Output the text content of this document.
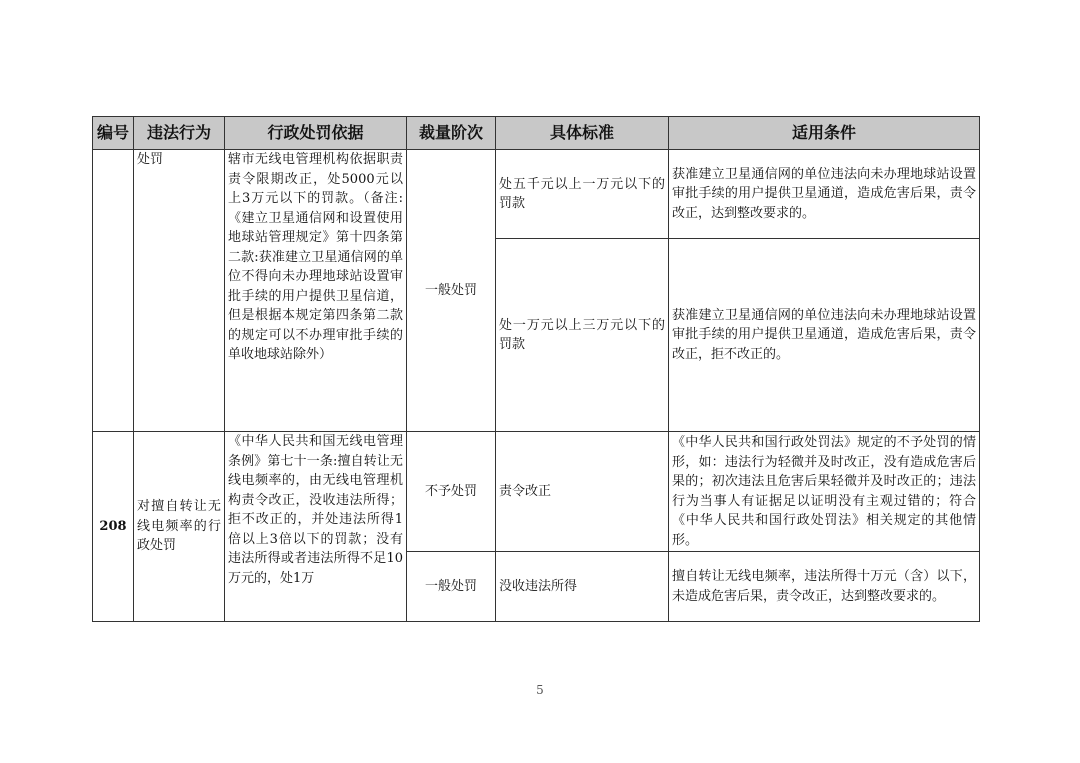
编号	违法行为	行政处罚依据	裁量阶次	具体标准	适用条件
	处罚	辖市无线电管理机构依据职责责令限期改正，处5000元以上3万元以下的罚款。（备注:《建立卫星通信网和设置使用地球站管理规定》第十四条第二款:获准建立卫星通信网的单位不得向未办理地球站设置审批手续的用户提供卫星信道，但是根据本规定第四条第二款的规定可以不办理审批手续的单收地球站除外）	一般处罚	处五千元以上一万元以下的罚款	获准建立卫星通信网的单位违法向未办理地球站设置审批手续的用户提供卫星通道，造成危害后果，责令改正，达到整改要求的。
				处一万元以上三万元以下的罚款	获准建立卫星通信网的单位违法向未办理地球站设置审批手续的用户提供卫星通道，造成危害后果，责令改正，拒不改正的。
208	对擅自转让无线电频率的行政处罚	《中华人民共和国无线电管理条例》第七十一条:擅自转让无线电频率的，由无线电管理机构责令改正，没收违法所得；拒不改正的，并处违法所得1倍以上3倍以下的罚款；没有违法所得或者违法所得不足10万元的，处1万	不予处罚	责令改正	《中华人民共和国行政处罚法》规定的不予处罚的情形，如：违法行为轻微并及时改正，没有造成危害后果的；初次违法且危害后果轻微并及时改正的；违法行为当事人有证据足以证明没有主观过错的；符合《中华人民共和国行政处罚法》相关规定的其他情形。
			一般处罚	没收违法所得	擅自转让无线电频率，违法所得十万元（含）以下，未造成危害后果，责令改正，达到整改要求的。
5
